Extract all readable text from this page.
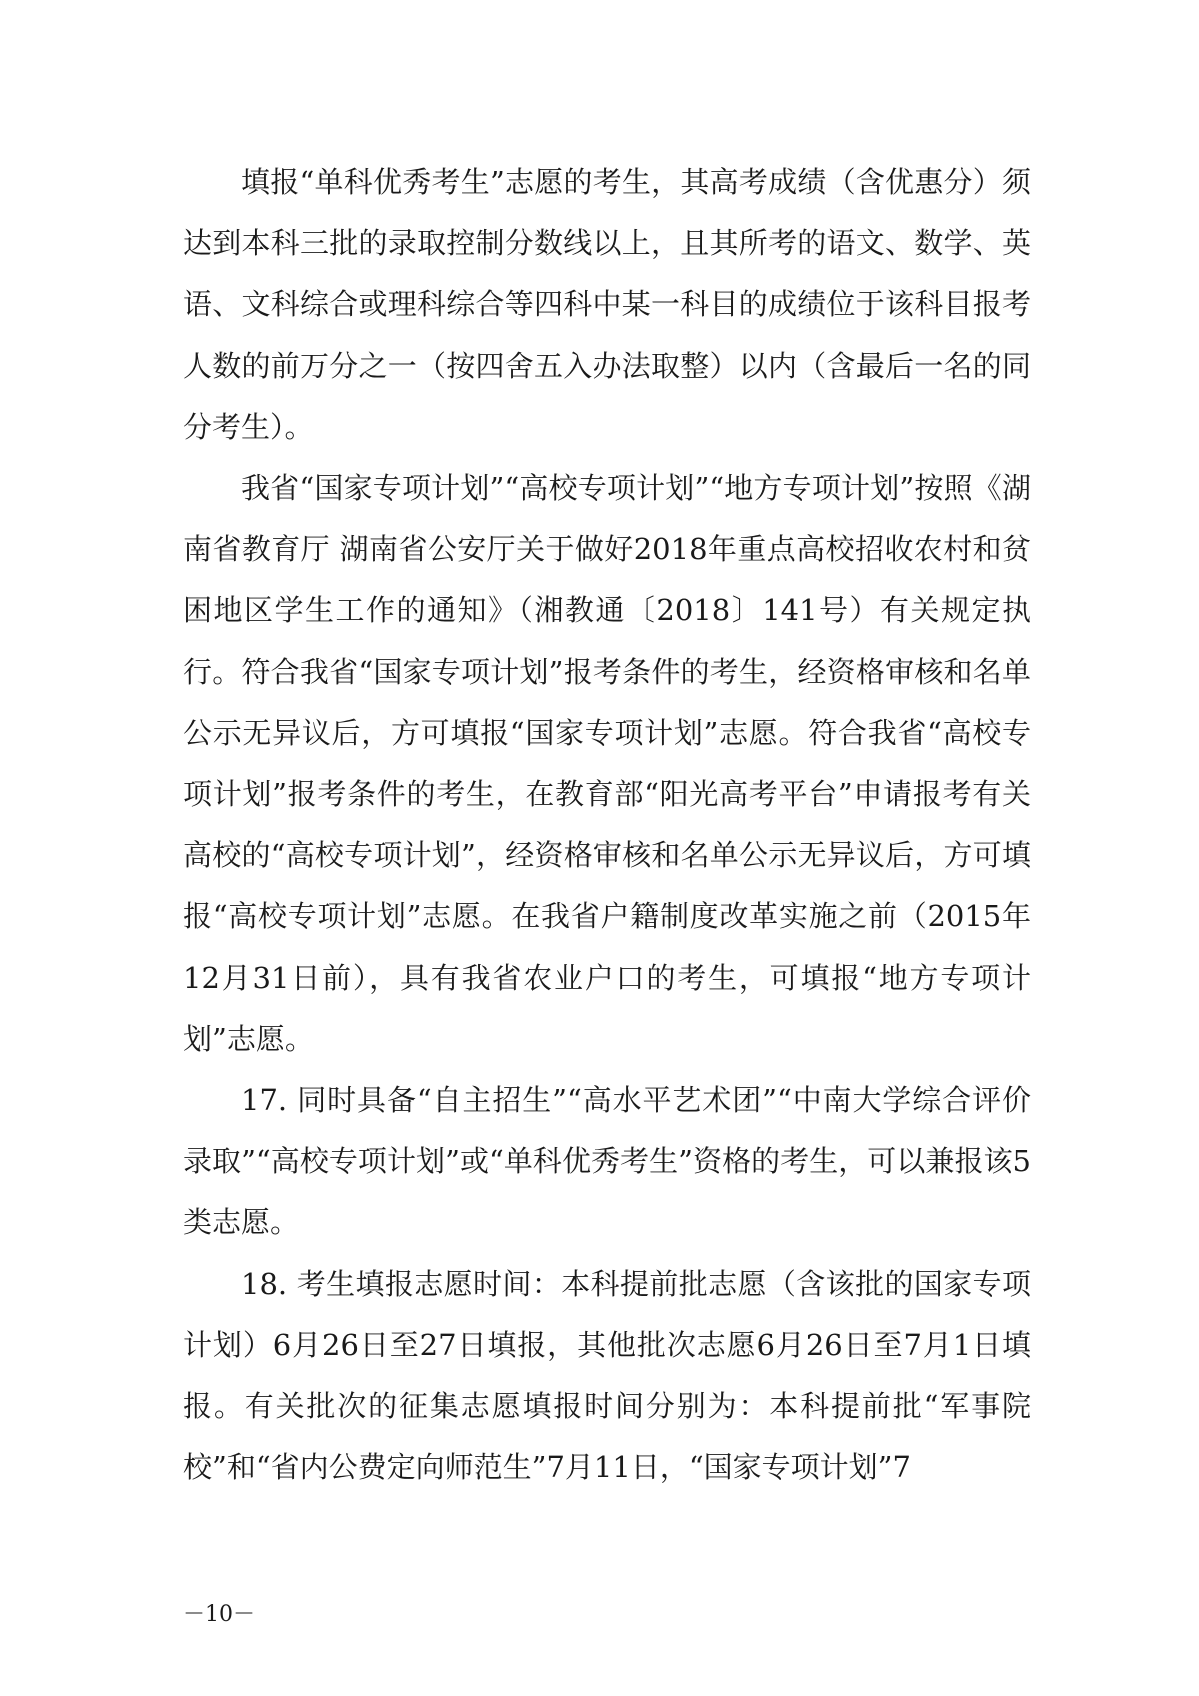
填报“单科优秀考生”志愿的考生，其高考成绩（含优惠分）须达到本科三批的录取控制分数线以上，且其所考的语文、数学、英语、文科综合或理科综合等四科中某一科目的成绩位于该科目报考人数的前万分之一（按四舍五入办法取整）以内（含最后一名的同分考生）。

我省“国家专项计划”“高校专项计划”“地方专项计划”按照《湖南省教育厅 湖南省公安厅关于做好2018年重点高校招收农村和贫困地区学生工作的通知》（湘教通〔2018〕141号）有关规定执行。符合我省“国家专项计划”报考条件的考生，经资格审核和名单公示无异议后，方可填报“国家专项计划”志愿。符合我省“高校专项计划”报考条件的考生，在教育部“阳光高考平台”申请报考有关高校的“高校专项计划”，经资格审核和名单公示无异议后，方可填报“高校专项计划”志愿。在我省户籍制度改革实施之前（2015年12月31日前），具有我省农业户口的考生，可填报“地方专项计划”志愿。

17. 同时具备“自主招生”“高水平艺术团”“中南大学综合评价录取”“高校专项计划”或“单科优秀考生”资格的考生，可以兼报该5类志愿。

18. 考生填报志愿时间：本科提前批志愿（含该批的国家专项计划）6月26日至27日填报，其他批次志愿6月26日至7月1日填报。有关批次的征集志愿填报时间分别为：本科提前批“军事院校”和“省内公费定向师范生”7月11日，“国家专项计划”7

－10－
